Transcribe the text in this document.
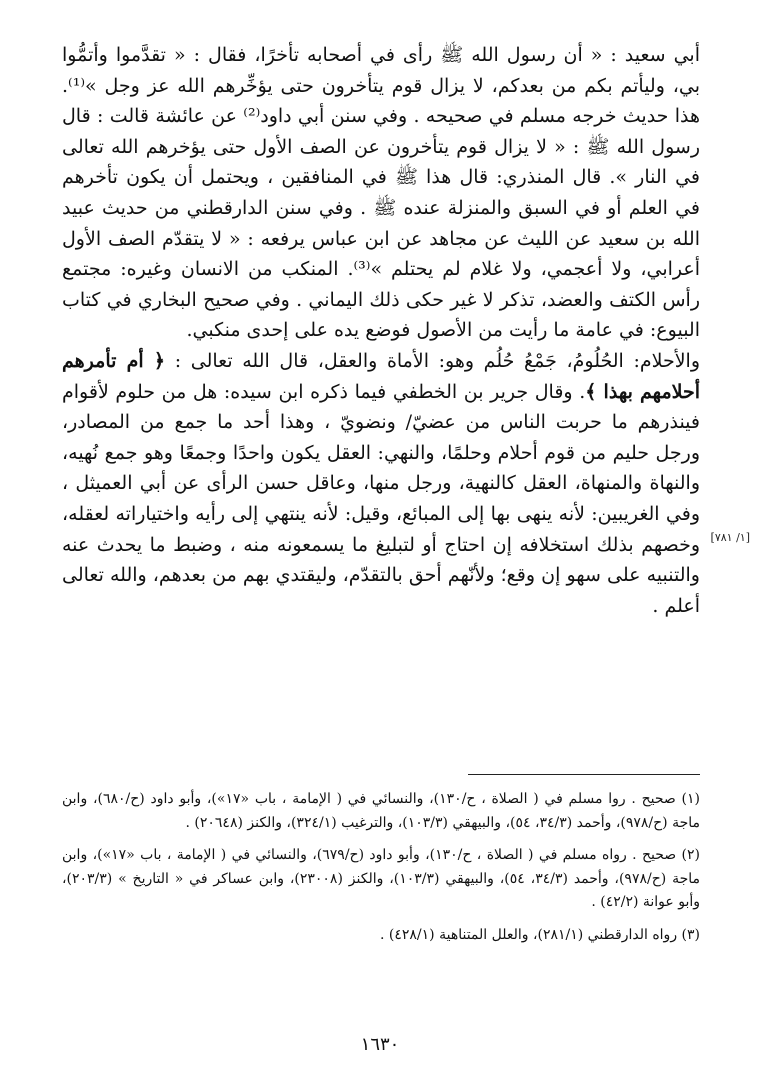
أبي سعيد : « أن رسول الله ﷺ رأى في أصحابه تأخرًا، فقال : « تقدَّموا وأتمُّوا بي، وليأتم بكم من بعدكم، لا يزال قوم يتأخرون حتى يؤخِّرهم الله عز وجل »⁽¹⁾. هذا حديث خرجه مسلم في صحيحه . وفي سنن أبي داود⁽²⁾ عن عائشة قالت : قال رسول الله ﷺ : « لا يزال قوم يتأخرون عن الصف الأول حتى يؤخرهم الله تعالى في النار ». قال المنذري: قال هذا ﷺ في المنافقين ، ويحتمل أن يكون تأخرهم في العلم أو في السبق والمنزلة عنده ﷺ . وفي سنن الدارقطني من حديث عبيد الله بن سعيد عن الليث عن مجاهد عن ابن عباس يرفعه : « لا يتقدّم الصف الأول أعرابي، ولا أعجمي، ولا غلام لم يحتلم »⁽³⁾. المنكب من الانسان وغيره: مجتمع رأس الكتف والعضد، تذكر لا غير حكى ذلك اليماني . وفي صحيح البخاري في كتاب البيوع: في عامة ما رأيت من الأصول فوضع يده على إحدى منكبي.

والأحلام: الحُلُومُ، جَمْعُ حُلُم وهو: الأماة والعقل، قال الله تعالى : ﴿ أم تأمرهم أحلامهم بهذا ﴾. وقال جرير بن الخطفي فيما ذكره ابن سيده: هل من حلوم لأقوام فينذرهم ما حربت الناس من عضيّ/ ونضويّ ، وهذا أحد ما جمع من المصادر، ورجل حليم من قوم أحلام وحلمًا، والنهي: العقل يكون واحدًا وجمعًا وهو جمع نُهيه، والنهاة والمنهاة، العقل كالنهية، ورجل منها، وعاقل حسن الرأى عن أبي العميثل ، وفي الغريبين: لأنه ينهى بها إلى المبائع، وقيل: لأنه ينتهي إلى رأيه واختياراته لعقله، وخصهم بذلك استخلافه إن احتاج أو لتبليغ ما يسمعونه منه ، وضبط ما يحدث عنه والتنبيه على سهو إن وقع؛ ولأنّهم أحق بالتقدّم، وليقتدي بهم من بعدهم، والله تعالى أعلم .

[١/ ٧٨١]

(١) صحيح . روا مسلم في ( الصلاة ، ح/١٣٠)، والنسائي في ( الإمامة ، باب «١٧»)، وأبو داود (ح/٦٨٠)، وابن ماجة (ح/٩٧٨)، وأحمد (٣٤/٣، ٥٤)، والبيهقي (١٠٣/٣)، والترغيب (٣٢٤/١)، والكنز (٢٠٦٤٨) .

(٢) صحيح . رواه مسلم في ( الصلاة ، ح/١٣٠)، وأبو داود (ح/٦٧٩)، والنسائي في ( الإمامة ، باب «١٧»)، وابن ماجة (ح/٩٧٨)، وأحمد (٣٤/٣، ٥٤)، والبيهقي (١٠٣/٣)، والكنز (٢٣٠٠٨)، وابن عساكر في « التاريخ » (٢٠٣/٣)، وأبو عوانة (٤٢/٢) .

(٣) رواه الدارقطني (٢٨١/١)، والعلل المتناهية (٤٢٨/١) .

١٦٣٠
